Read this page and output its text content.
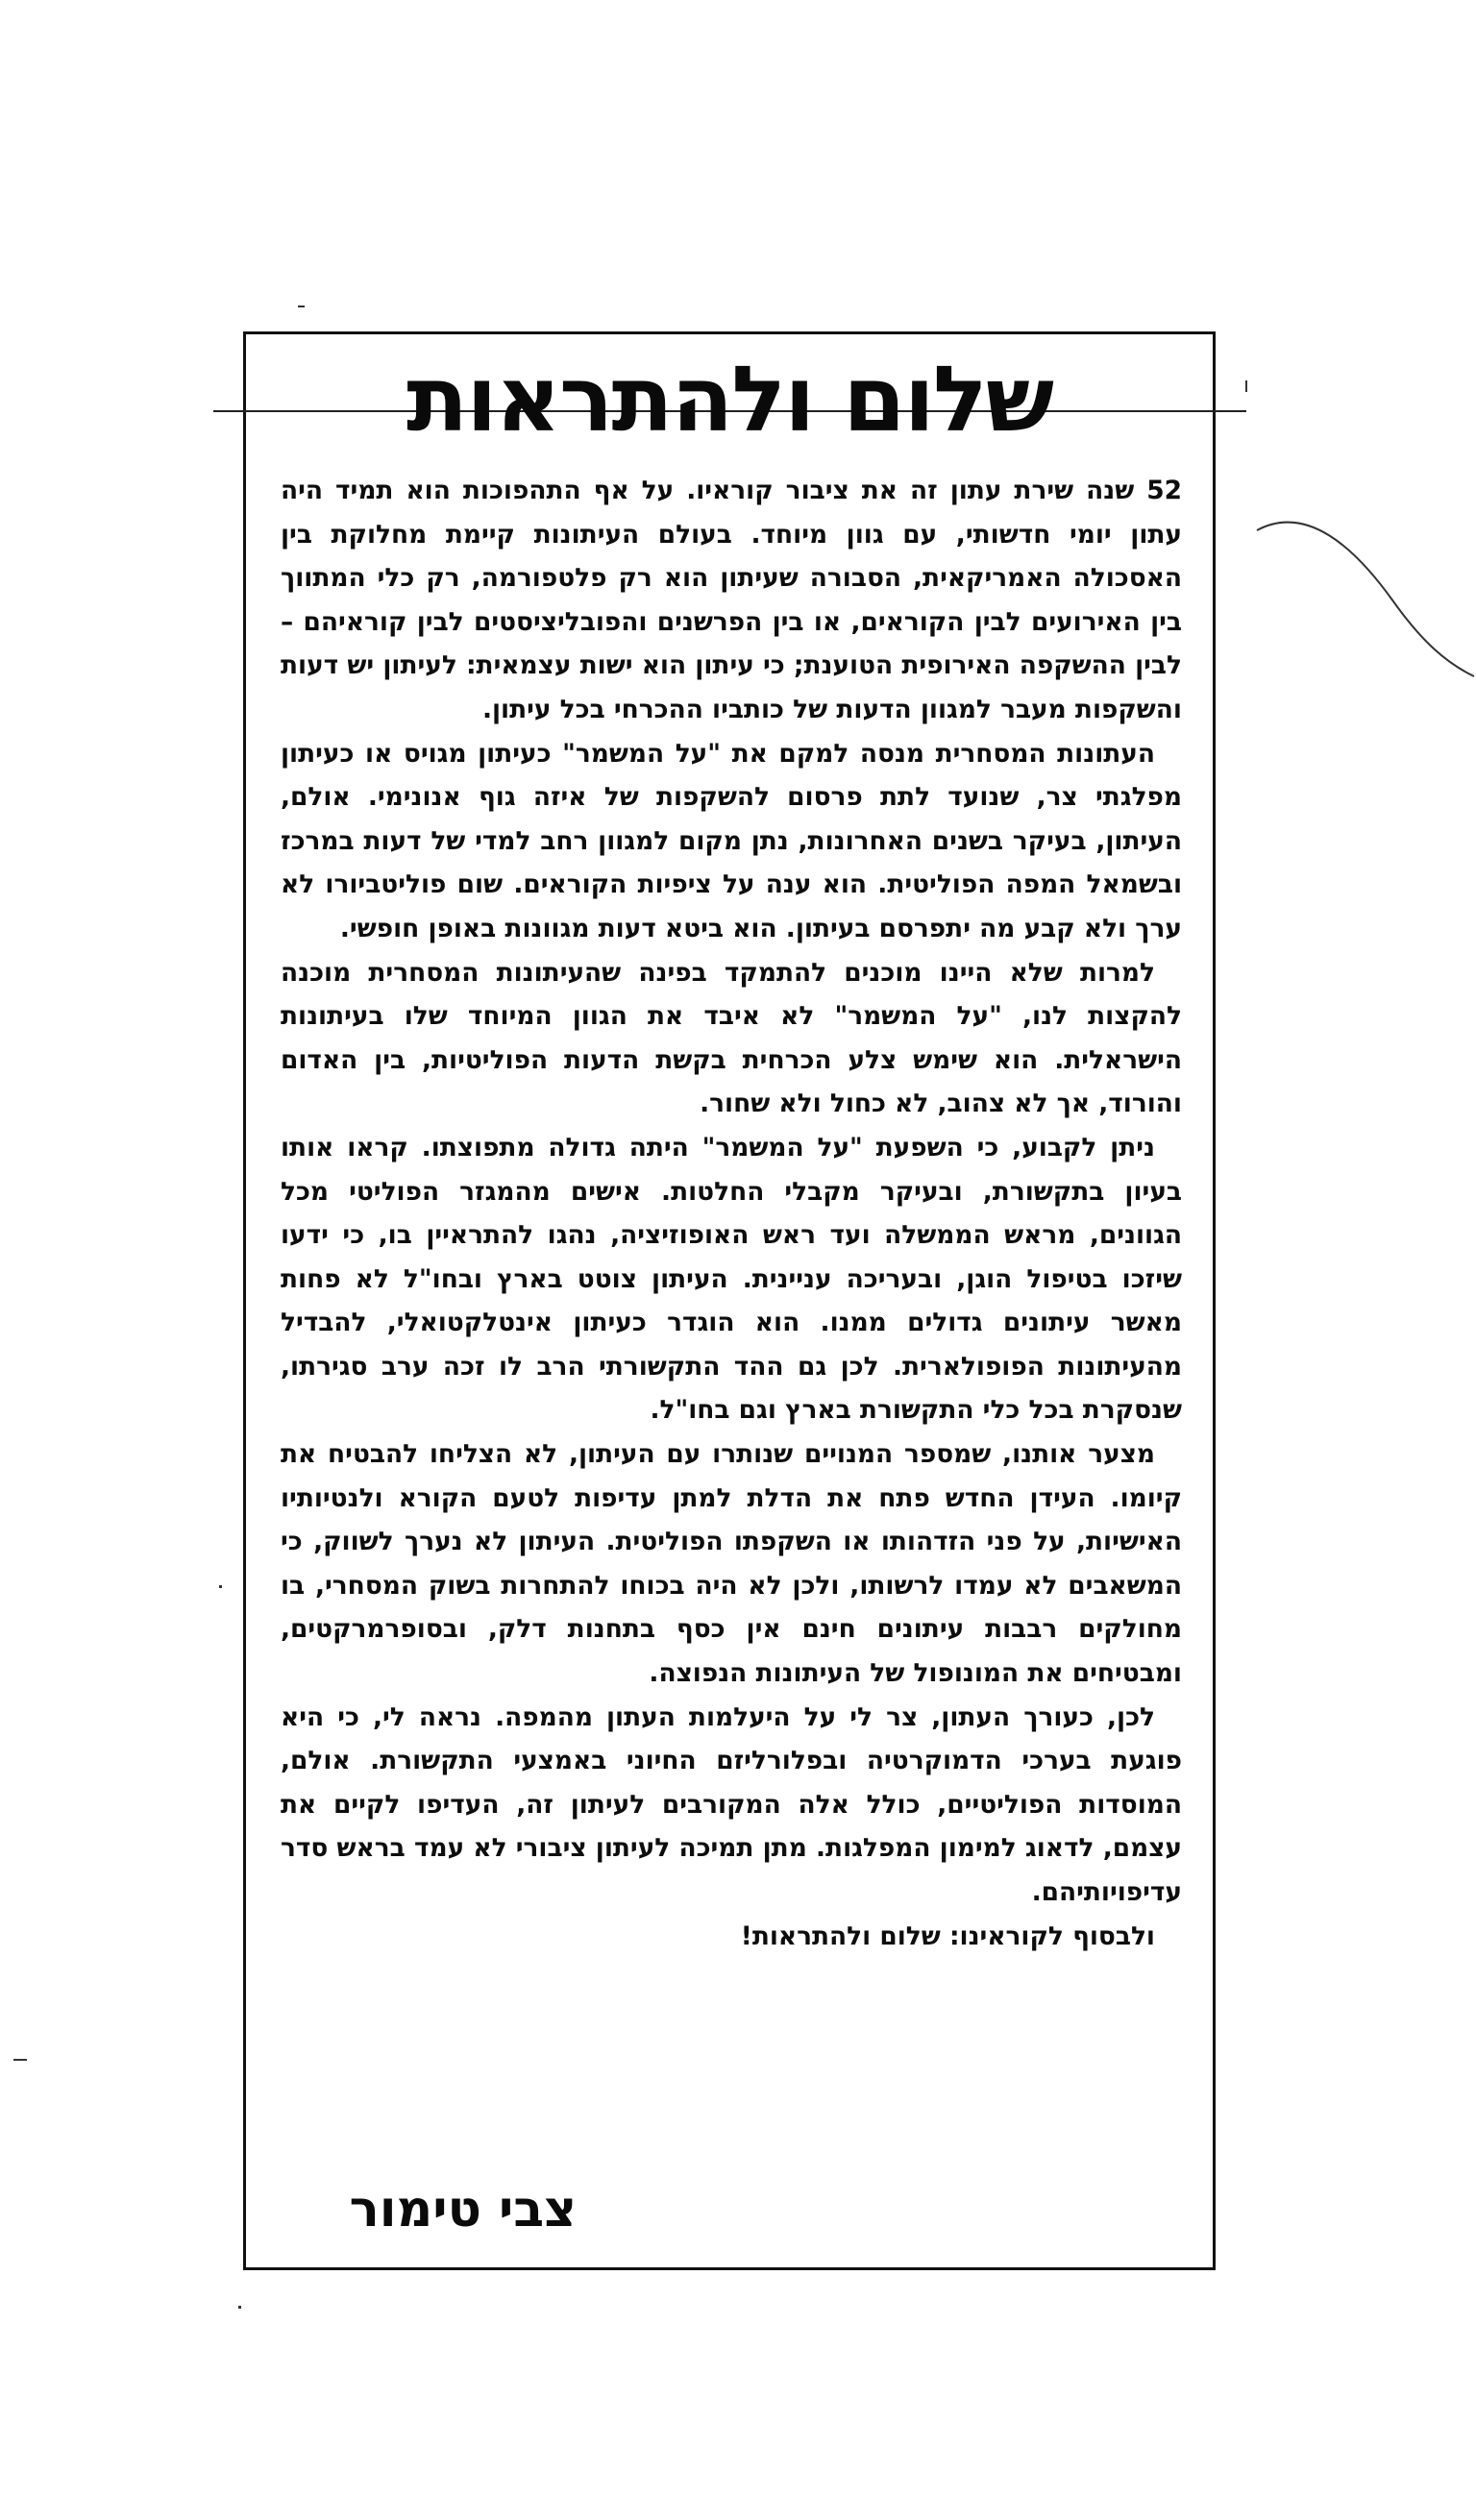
שלום ולהתראות

52 שנה שירת עתון זה את ציבור קוראיו. על אף התהפוכות הוא תמיד היה עתון יומי חדשותי, עם גוון מיוחד. בעולם העיתונות קיימת מחלוקת בין האסכולה האמריקאית, הסבורה שעיתון הוא רק פלטפורמה, רק כלי המתווך בין האירועים לבין הקוראים, או בין הפרשנים והפובליציסטים לבין קוראיהם – לבין ההשקפה האירופית הטוענת; כי עיתון הוא ישות עצמאית: לעיתון יש דעות והשקפות מעבר למגוון הדעות של כותביו ההכרחי בכל עיתון.

העתונות המסחרית מנסה למקם את "על המשמר" כעיתון מגויס או כעיתון מפלגתי צר, שנועד לתת פרסום להשקפות של איזה גוף אנונימי. אולם, העיתון, בעיקר בשנים האחרונות, נתן מקום למגוון רחב למדי של דעות במרכז ובשמאל המפה הפוליטית. הוא ענה על ציפיות הקוראים. שום פוליטביורו לא ערך ולא קבע מה יתפרסם בעיתון. הוא ביטא דעות מגוונות באופן חופשי.

למרות שלא היינו מוכנים להתמקד בפינה שהעיתונות המסחרית מוכנה להקצות לנו, "על המשמר" לא איבד את הגוון המיוחד שלו בעיתונות הישראלית. הוא שימש צלע הכרחית בקשת הדעות הפוליטיות, בין האדום והורוד, אך לא צהוב, לא כחול ולא שחור.

ניתן לקבוע, כי השפעת "על המשמר" היתה גדולה מתפוצתו. קראו אותו בעיון בתקשורת, ובעיקר מקבלי החלטות. אישים מהמגזר הפוליטי מכל הגוונים, מראש הממשלה ועד ראש האופוזיציה, נהגו להתראיין בו, כי ידעו שיזכו בטיפול הוגן, ובעריכה עניינית. העיתון צוטט בארץ ובחו"ל לא פחות מאשר עיתונים גדולים ממנו. הוא הוגדר כעיתון אינטלקטואלי, להבדיל מהעיתונות הפופולארית. לכן גם ההד התקשורתי הרב לו זכה ערב סגירתו, שנסקרת בכל כלי התקשורת בארץ וגם בחו"ל.

מצער אותנו, שמספר המנויים שנותרו עם העיתון, לא הצליחו להבטיח את קיומו. העידן החדש פתח את הדלת למתן עדיפות לטעם הקורא ולנטיותיו האישיות, על פני הזדהותו או השקפתו הפוליטית. העיתון לא נערך לשווק, כי המשאבים לא עמדו לרשותו, ולכן לא היה בכוחו להתחרות בשוק המסחרי, בו מחולקים רבבות עיתונים חינם אין כסף בתחנות דלק, ובסופרמרקטים, ומבטיחים את המונופול של העיתונות הנפוצה.

לכן, כעורך העתון, צר לי על היעלמות העתון מהמפה. נראה לי, כי היא פוגעת בערכי הדמוקרטיה ובפלורליזם החיוני באמצעי התקשורת. אולם, המוסדות הפוליטיים, כולל אלה המקורבים לעיתון זה, העדיפו לקיים את עצמם, לדאוג למימון המפלגות. מתן תמיכה לעיתון ציבורי לא עמד בראש סדר עדיפויותיהם.

ולבסוף לקוראינו: שלום ולהתראות!

צבי טימור
